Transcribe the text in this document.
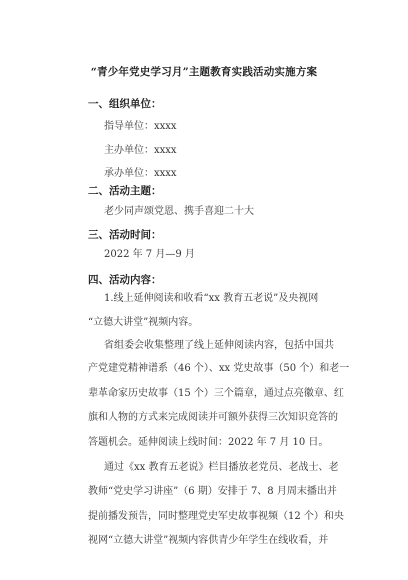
“青少年党史学习月”主题教育实践活动实施方案
一、组织单位：
指导单位：xxxx
主办单位：xxxx
承办单位：xxxx
二、活动主题：
老少同声颂党恩、携手喜迎二十大
三、活动时间：
2022 年 7 月—9 月
四、活动内容：
1.线上延伸阅读和收看“xx 教育五老说”及央视网
“立德大讲堂”视频内容。
省组委会收集整理了线上延伸阅读内容，包括中国共
产党建党精神谱系（46 个）、xx 党史故事（50 个）和老一
辈革命家历史故事（15 个）三个篇章，通过点亮徽章、红
旗和人物的方式来完成阅读并可额外获得三次知识竞答的
答题机会。延伸阅读上线时间：2022 年 7 月 10 日。
通过《xx 教育五老说》栏目播放老党员、老战士、老
教师“党史学习讲座”（6 期）安排于 7、8 月周末播出并
提前播发预告，同时整理党史军史故事视频（12 个）和央
视网“立德大讲堂”视频内容供青少年学生在线收看，并
